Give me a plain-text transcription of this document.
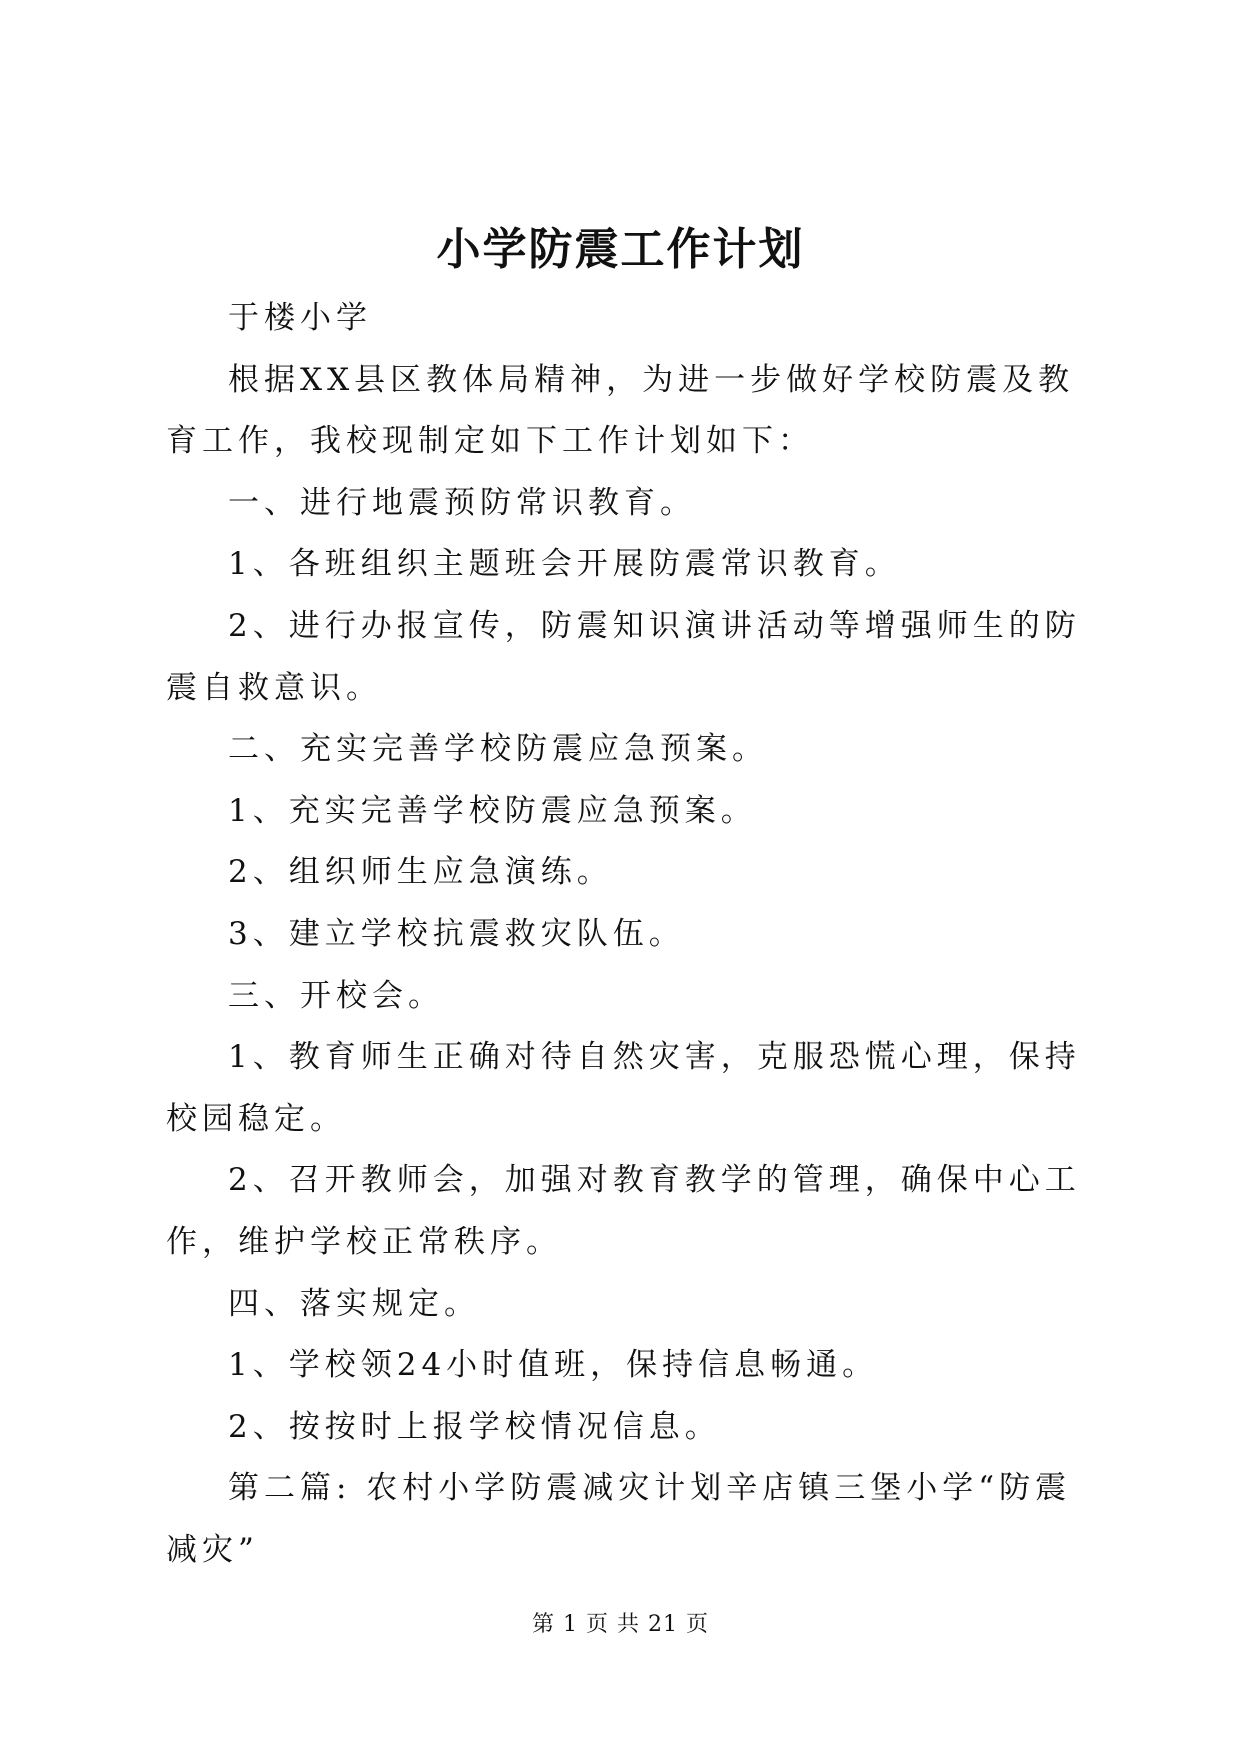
小学防震工作计划

于楼小学

根据XX县区教体局精神，为进一步做好学校防震及教育工作，我校现制定如下工作计划如下：

一、进行地震预防常识教育。

1、各班组织主题班会开展防震常识教育。

2、进行办报宣传，防震知识演讲活动等增强师生的防震自救意识。

二、充实完善学校防震应急预案。

1、充实完善学校防震应急预案。

2、组织师生应急演练。

3、建立学校抗震救灾队伍。

三、开校会。

1、教育师生正确对待自然灾害，克服恐慌心理，保持校园稳定。

2、召开教师会，加强对教育教学的管理，确保中心工作，维护学校正常秩序。

四、落实规定。

1、学校领24小时值班，保持信息畅通。

2、按按时上报学校情况信息。

第二篇: 农村小学防震减灾计划辛店镇三堡小学“防震减灾”

第 1 页 共 21 页
